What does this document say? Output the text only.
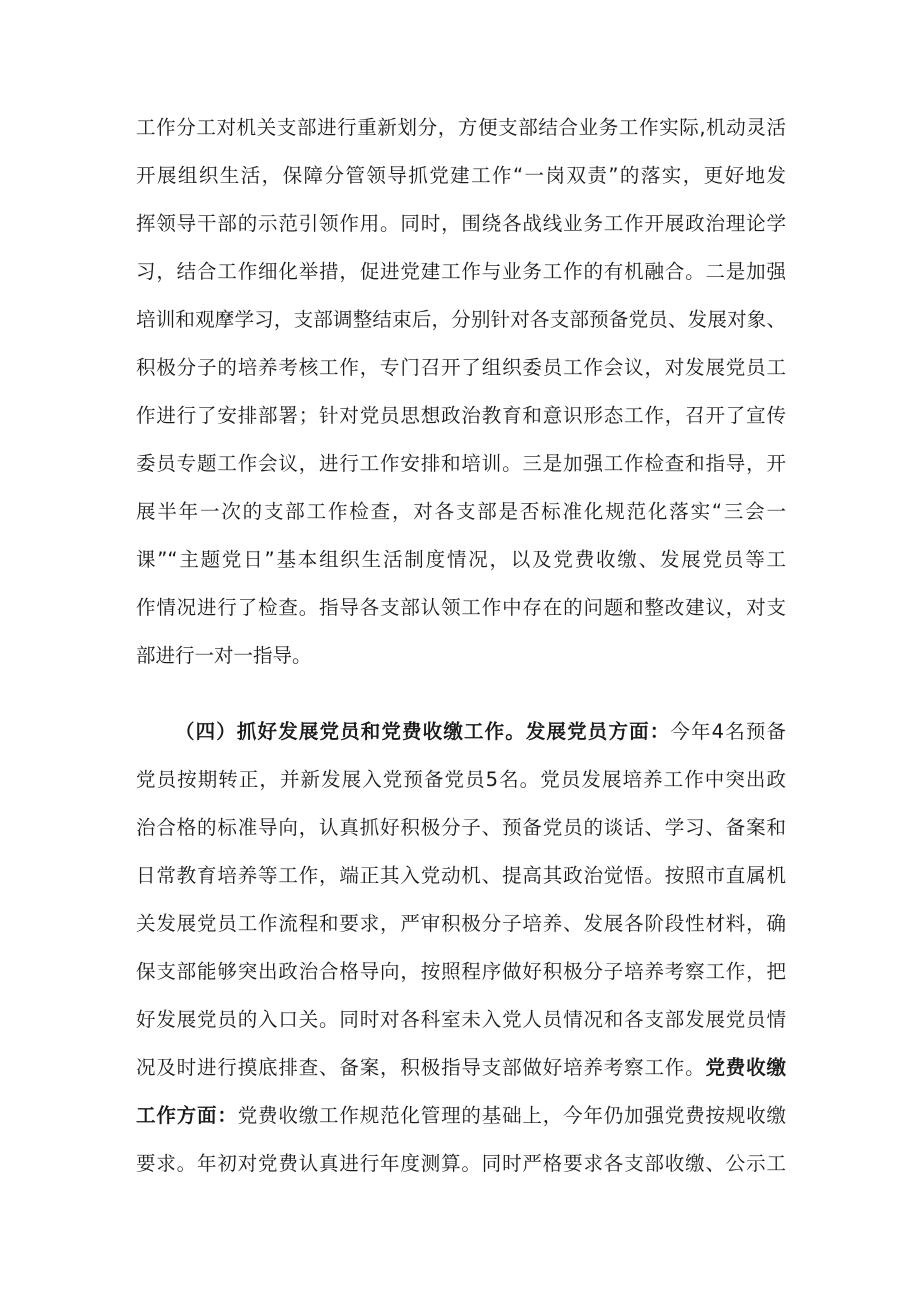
工作分工对机关支部进行重新划分，方便支部结合业务工作实际,机动灵活
开展组织生活，保障分管领导抓党建工作“一岗双责”的落实，更好地发
挥领导干部的示范引领作用。同时，围绕各战线业务工作开展政治理论学
习，结合工作细化举措，促进党建工作与业务工作的有机融合。二是加强
培训和观摩学习，支部调整结束后，分别针对各支部预备党员、发展对象、
积极分子的培养考核工作，专门召开了组织委员工作会议，对发展党员工
作进行了安排部署；针对党员思想政治教育和意识形态工作，召开了宣传
委员专题工作会议，进行工作安排和培训。三是加强工作检查和指导，开
展半年一次的支部工作检查，对各支部是否标准化规范化落实“三会一
课”“主题党日”基本组织生活制度情况，以及党费收缴、发展党员等工
作情况进行了检查。指导各支部认领工作中存在的问题和整改建议，对支
部进行一对一指导。
（四）抓好发展党员和党费收缴工作。发展党员方面：今年4名预备
党员按期转正，并新发展入党预备党员5名。党员发展培养工作中突出政
治合格的标准导向，认真抓好积极分子、预备党员的谈话、学习、备案和
日常教育培养等工作，端正其入党动机、提高其政治觉悟。按照市直属机
关发展党员工作流程和要求，严审积极分子培养、发展各阶段性材料，确
保支部能够突出政治合格导向，按照程序做好积极分子培养考察工作，把
好发展党员的入口关。同时对各科室未入党人员情况和各支部发展党员情
况及时进行摸底排查、备案，积极指导支部做好培养考察工作。党费收缴
工作方面：党费收缴工作规范化管理的基础上，今年仍加强党费按规收缴
要求。年初对党费认真进行年度测算。同时严格要求各支部收缴、公示工
